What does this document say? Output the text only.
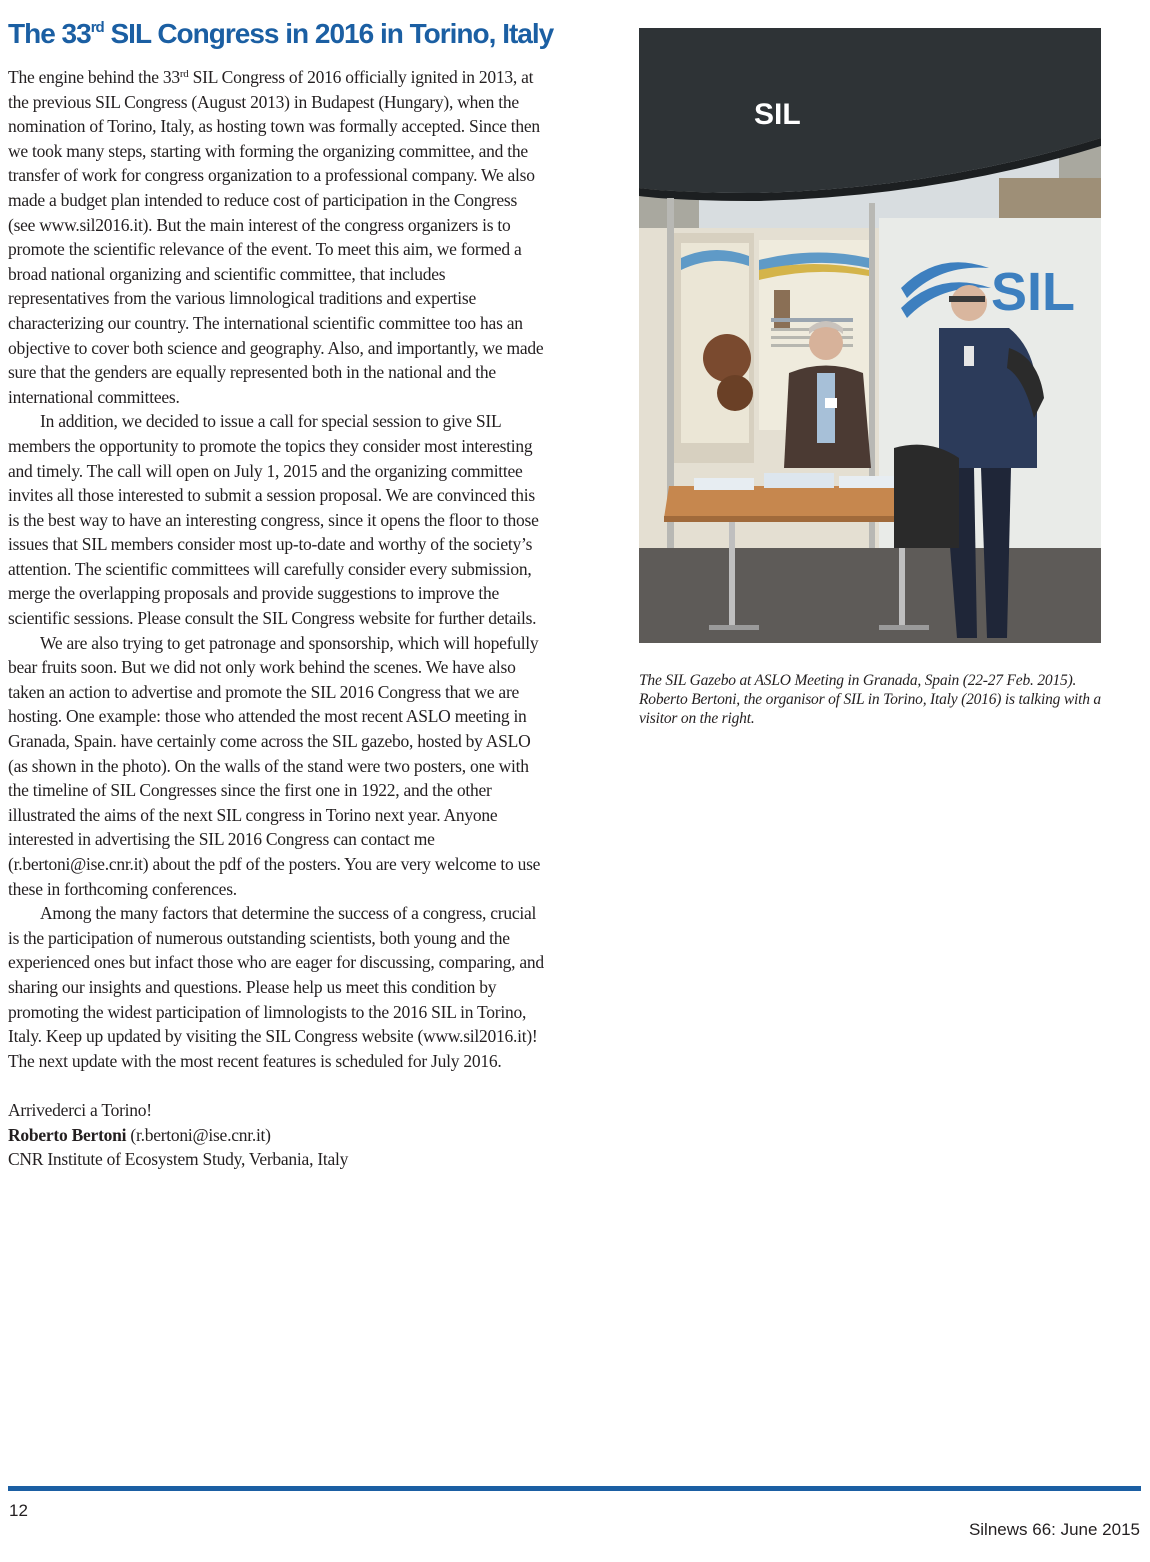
The 33rd SIL Congress in 2016 in Torino, Italy

The engine behind the 33rd SIL Congress of 2016 officially ignited in 2013, at the previous SIL Congress (August 2013) in Budapest (Hungary), when the nomination of Torino, Italy, as hosting town was formally accepted. Since then we took many steps, starting with forming the organizing committee, and the transfer of work for congress organization to a professional company. We also made a budget plan intended to reduce cost of participation in the Congress (see www.sil2016.it). But the main interest of the congress organizers is to promote the scientific relevance of the event. To meet this aim, we formed a broad national organizing and scientific committee, that includes representatives from the various limnological traditions and expertise characterizing our country. The international scientific committee too has an objective to cover both science and geography. Also, and importantly, we made sure that the genders are equally represented both in the national and the international committees.

In addition, we decided to issue a call for special session to give SIL members the opportunity to promote the topics they consider most interesting and timely. The call will open on July 1, 2015 and the organizing committee invites all those interested to submit a session proposal. We are convinced this is the best way to have an interesting congress, since it opens the floor to those issues that SIL members consider most up-to-date and worthy of the society’s attention. The scientific committees will carefully consider every submission, merge the overlapping proposals and provide suggestions to improve the scientific sessions. Please consult the SIL Congress website for further details.

We are also trying to get patronage and sponsorship, which will hopefully bear fruits soon. But we did not only work behind the scenes. We have also taken an action to advertise and promote the SIL 2016 Congress that we are hosting. One example: those who attended the most recent ASLO meeting in Granada, Spain. have certainly come across the SIL gazebo, hosted by ASLO (as shown in the photo). On the walls of the stand were two posters, one with the timeline of SIL Congresses since the first one in 1922, and the other illustrated the aims of the next SIL congress in Torino next year. Anyone interested in advertising the SIL 2016 Congress can contact me (r.bertoni@ise.cnr.it) about the pdf of the posters. You are very welcome to use these in forthcoming conferences.

Among the many factors that determine the success of a congress, crucial is the participation of numerous outstanding scientists, both young and the experienced ones but infact those who are eager for discussing, comparing, and sharing our insights and questions. Please help us meet this condition by promoting the widest participation of limnologists to the 2016 SIL in Torino, Italy. Keep up updated by visiting the SIL Congress website (www.sil2016.it)! The next update with the most recent features is scheduled for July 2016.

Arrivederci a Torino!

Roberto Bertoni (r.bertoni@ise.cnr.it)

CNR Institute of Ecosystem Study, Verbania, Italy

SIL
SIL

The SIL Gazebo at ASLO Meeting in Granada, Spain (22-27 Feb. 2015). Roberto Bertoni, the organisor of SIL in Torino, Italy (2016) is talking with a visitor on the right.

12
Silnews 66: June 2015
